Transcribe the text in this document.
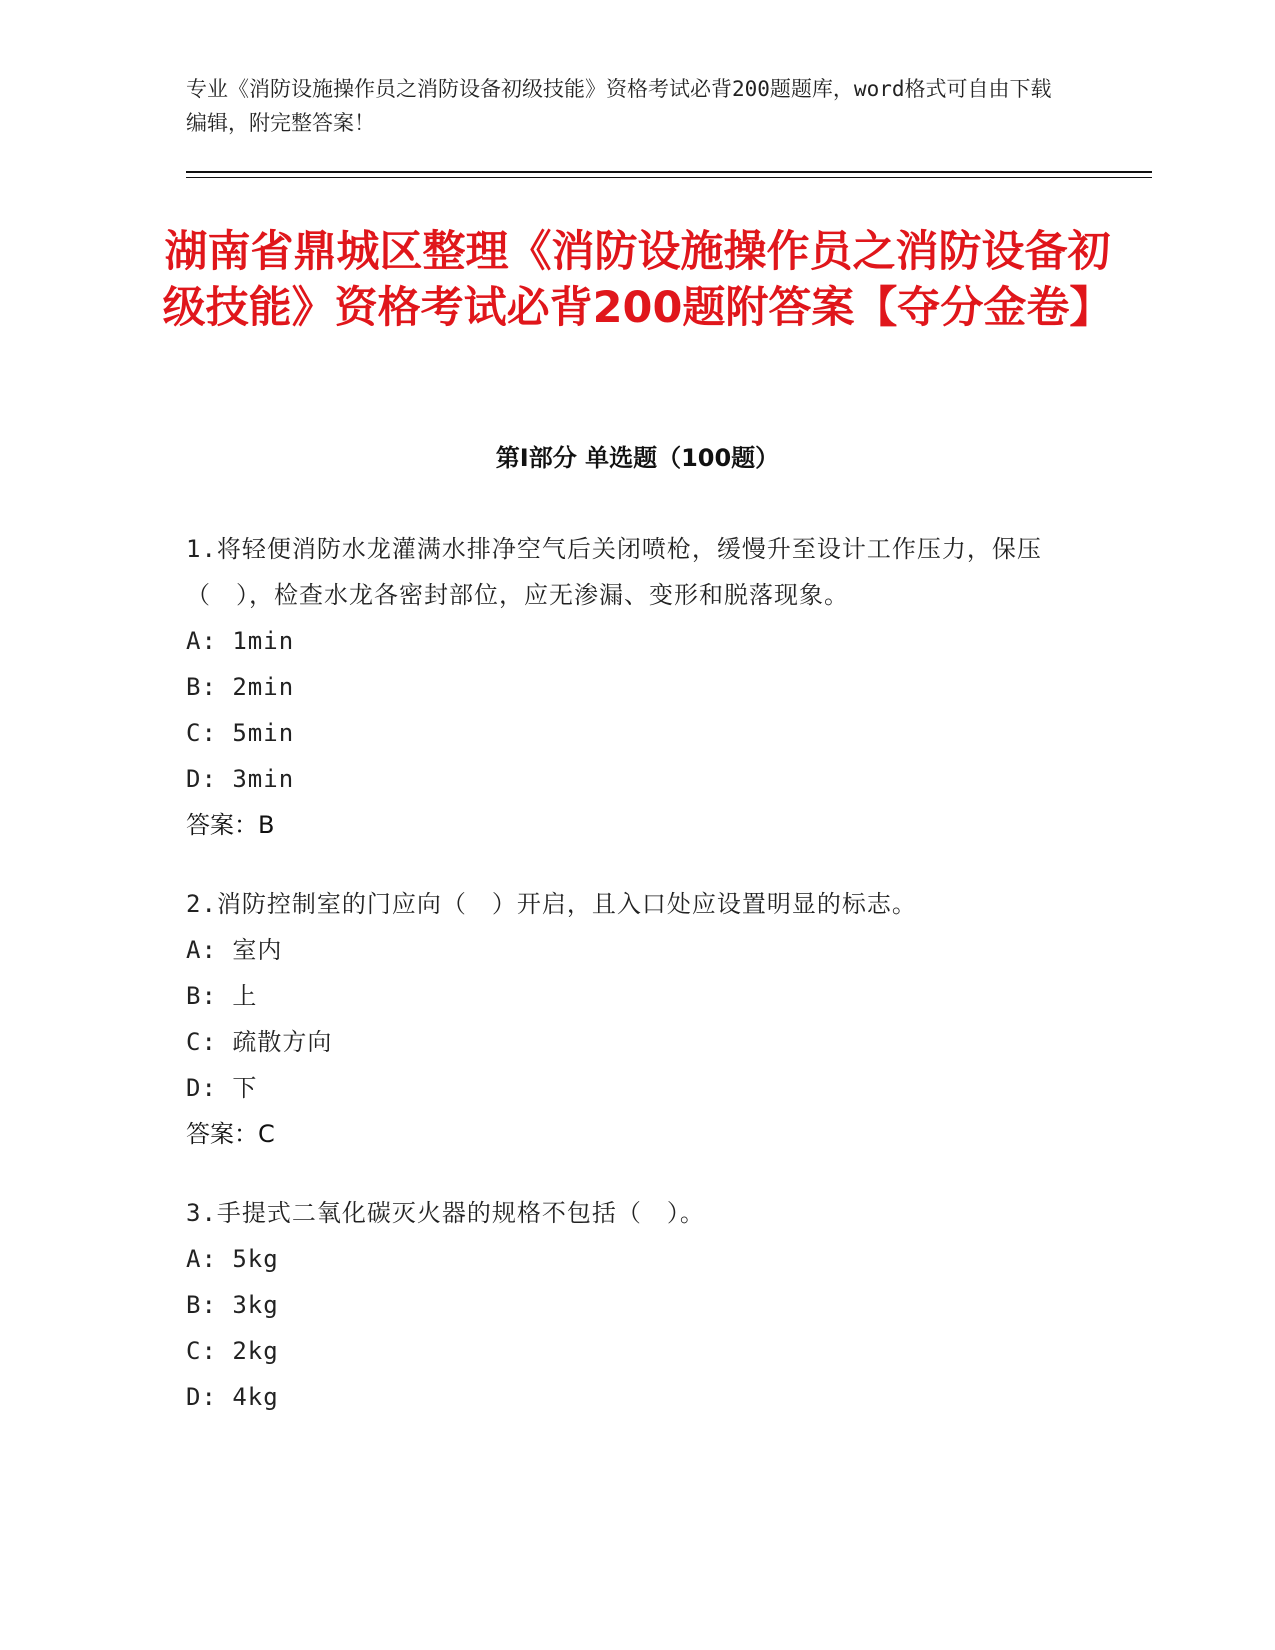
专业《消防设施操作员之消防设备初级技能》资格考试必背200题题库，word格式可自由下载编辑，附完整答案！
湖南省鼎城区整理《消防设施操作员之消防设备初级技能》资格考试必背200题附答案【夺分金卷】
第Ⅰ部分 单选题（100题）
1.将轻便消防水龙灌满水排净空气后关闭喷枪，缓慢升至设计工作压力，保压（　），检查水龙各密封部位，应无渗漏、变形和脱落现象。
A: 1min
B: 2min
C: 5min
D: 3min
答案：B
2.消防控制室的门应向（　）开启，且入口处应设置明显的标志。
A: 室内
B: 上
C: 疏散方向
D: 下
答案：C
3.手提式二氧化碳灭火器的规格不包括（　）。
A: 5kg
B: 3kg
C: 2kg
D: 4kg
